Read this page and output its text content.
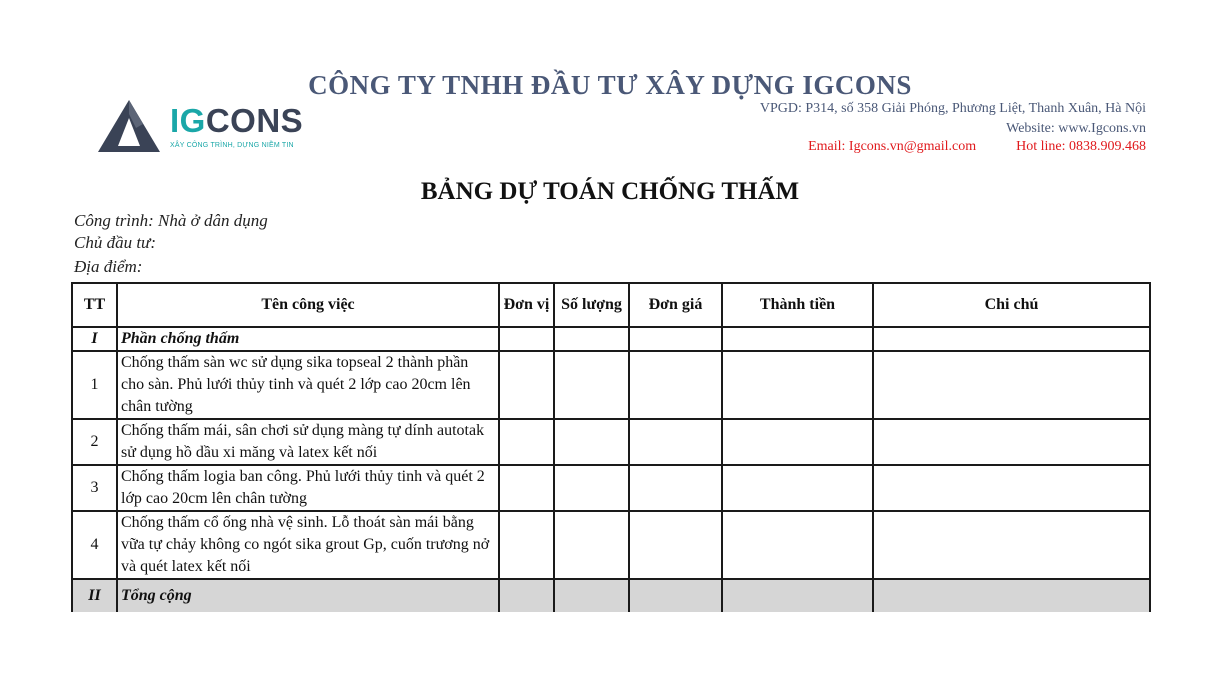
IGCONS
XÂY CÔNG TRÌNH, DỰNG NIỀM TIN
CÔNG TY TNHH ĐẦU TƯ XÂY DỰNG IGCONS
VPGD: P314, số 358 Giải Phóng, Phương Liệt, Thanh Xuân, Hà Nội
Website: www.Igcons.vn
Email: Igcons.vn@gmail.com	Hot line: 0838.909.468
BẢNG DỰ TOÁN CHỐNG THẤM
Công trình: Nhà ở dân dụng
Chủ đầu tư:
Địa điểm:
TT	Tên công việc	Đơn vị	Số lượng	Đơn giá	Thành tiền	Chi chú
I	Phần chống thấm					
1	Chống thấm sàn wc sử dụng sika topseal 2 thành phần cho sàn. Phủ lưới thủy tinh và quét 2 lớp cao 20cm lên chân tường					
2	Chống thấm mái, sân chơi sử dụng màng tự dính autotak sử dụng hồ dầu xi măng và latex kết nối					
3	Chống thấm logia ban công. Phủ lưới thủy tinh và quét 2 lớp cao 20cm lên chân tường					
4	Chống thấm cổ ống nhà vệ sinh. Lỗ thoát sàn mái bằng vữa tự chảy không co ngót sika grout Gp, cuốn trương nở và quét latex kết nối					
II	Tổng cộng					
